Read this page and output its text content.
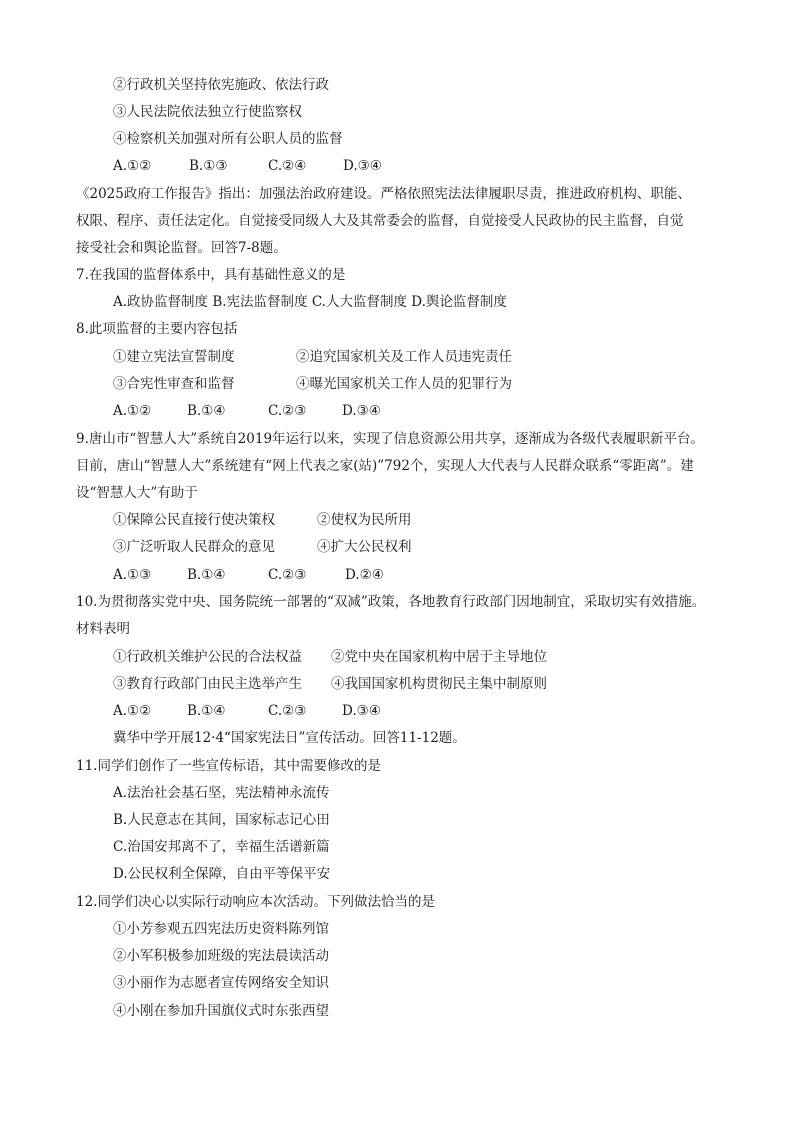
②行政机关坚持依宪施政、依法行政
③人民法院依法独立行使监察权
④检察机关加强对所有公职人员的监督
A.①②	B.①③	C.②④	D.③④
《2025政府工作报告》指出：加强法治政府建设。严格依照宪法法律履职尽责，推进政府机构、职能、
权限、程序、责任法定化。自觉接受同级人大及其常委会的监督，自觉接受人民政协的民主监督，自觉
接受社会和舆论监督。回答7-8题。
7.在我国的监督体系中，具有基础性意义的是
A.政协监督制度 B.宪法监督制度 C.人大监督制度 D.舆论监督制度
8.此项监督的主要内容包括
①建立宪法宣誓制度	②追究国家机关及工作人员违宪责任
③合宪性审查和监督	④曝光国家机关工作人员的犯罪行为
A.①②	B.①④	C.②③	D.③④
9.唐山市“智慧人大”系统自2019年运行以来，实现了信息资源公用共享，逐渐成为各级代表履职新平台。
目前，唐山“智慧人大”系统建有“网上代表之家(站)”792个，实现人大代表与人民群众联系“零距离”。建
设“智慧人大”有助于
①保障公民直接行使决策权	②使权为民所用
③广泛听取人民群众的意见	④扩大公民权利
A.①③	B.①④	C.②③	D.②④
10.为贯彻落实党中央、国务院统一部署的“双减”政策，各地教育行政部门因地制宜，采取切实有效措施。
材料表明
①行政机关维护公民的合法权益 ②党中央在国家机构中居于主导地位
③教育行政部门由民主选举产生 ④我国国家机构贯彻民主集中制原则
A.①②	B.①④	C.②③	D.③④
冀华中学开展12·4“国家宪法日”宣传活动。回答11-12题。
11.同学们创作了一些宣传标语，其中需要修改的是
A.法治社会基石坚，宪法精神永流传
B.人民意志在其间，国家标志记心田
C.治国安邦离不了，幸福生活谱新篇
D.公民权利全保障，自由平等保平安
12.同学们决心以实际行动响应本次活动。下列做法恰当的是
①小芳参观五四宪法历史资料陈列馆
②小军积极参加班级的宪法晨读活动
③小丽作为志愿者宣传网络安全知识
④小刚在参加升国旗仪式时东张西望
